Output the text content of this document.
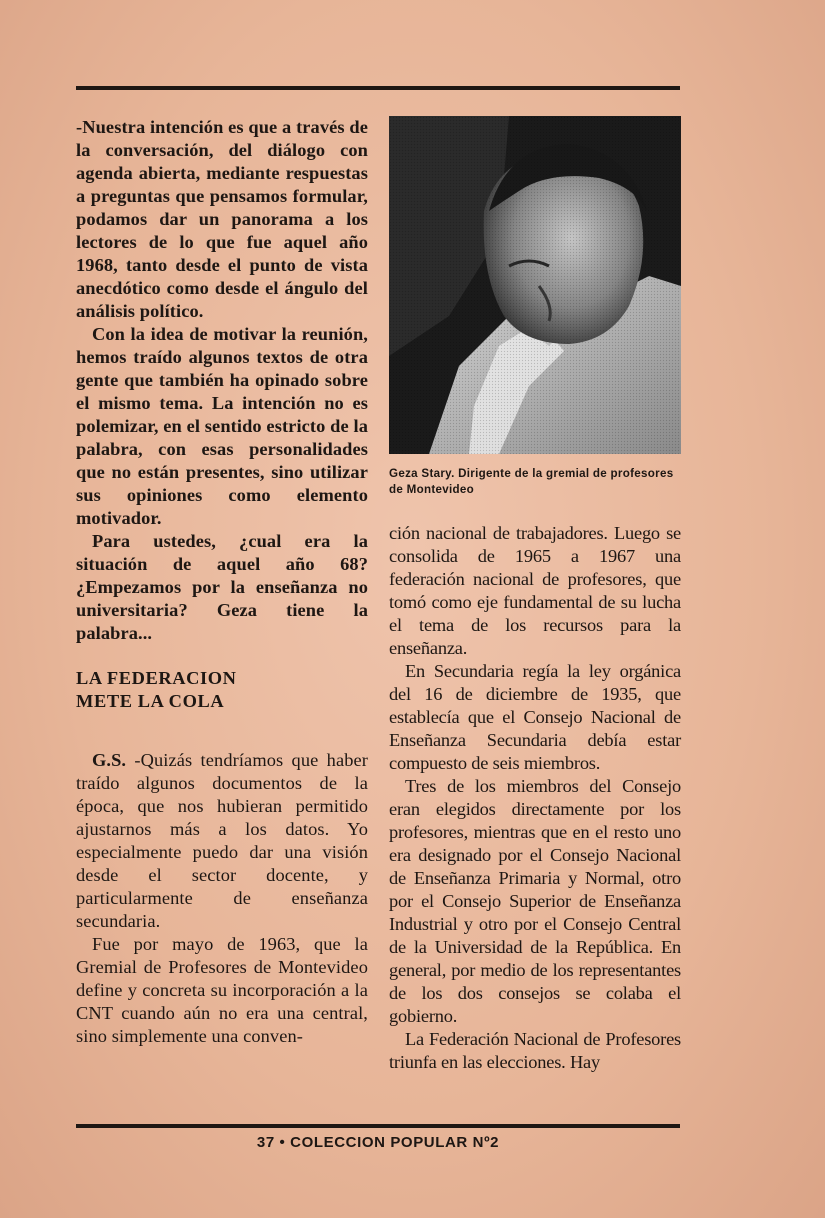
-Nuestra intención es que a través de la conversación, del diálogo con agenda abierta, mediante respuestas a preguntas que pensamos formular, podamos dar un panorama a los lectores de lo que fue aquel año 1968, tanto desde el punto de vista anecdótico como desde el ángulo del análisis político.

Con la idea de motivar la reunión, hemos traído algunos textos de otra gente que también ha opinado sobre el mismo tema. La intención no es polemizar, en el sentido estricto de la palabra, con esas personalidades que no están presentes, sino utilizar sus opiniones como elemento motivador.

Para ustedes, ¿cual era la situación de aquel año 68? ¿Empezamos por la enseñanza no universitaria? Geza tiene la palabra...

LA FEDERACION
METE LA COLA

G.S. -Quizás tendríamos que haber traído algunos documentos de la época, que nos hubieran permitido ajustarnos más a los datos. Yo especialmente puedo dar una visión desde el sector docente, y particularmente de enseñanza secundaria.

Fue por mayo de 1963, que la Gremial de Profesores de Montevideo define y concreta su incorporación a la CNT cuando aún no era una central, sino simplemente una conven-

Geza Stary. Dirigente de la gremial de profesores de Montevideo

ción nacional de trabajadores. Luego se consolida de 1965 a 1967 una federación nacional de profesores, que tomó como eje fundamental de su lucha el tema de los recursos para la enseñanza.

En Secundaria regía la ley orgánica del 16 de diciembre de 1935, que establecía que el Consejo Nacional de Enseñanza Secundaria debía estar compuesto de seis miembros.

Tres de los miembros del Consejo eran elegidos directamente por los profesores, mientras que en el resto uno era designado por el Consejo Nacional de Enseñanza Primaria y Normal, otro por el Consejo Superior de Enseñanza Industrial y otro por el Consejo Central de la Universidad de la República. En general, por medio de los representantes de los dos consejos se colaba el gobierno.

La Federación Nacional de Profesores triunfa en las elecciones. Hay

37 • COLECCION POPULAR Nº2
